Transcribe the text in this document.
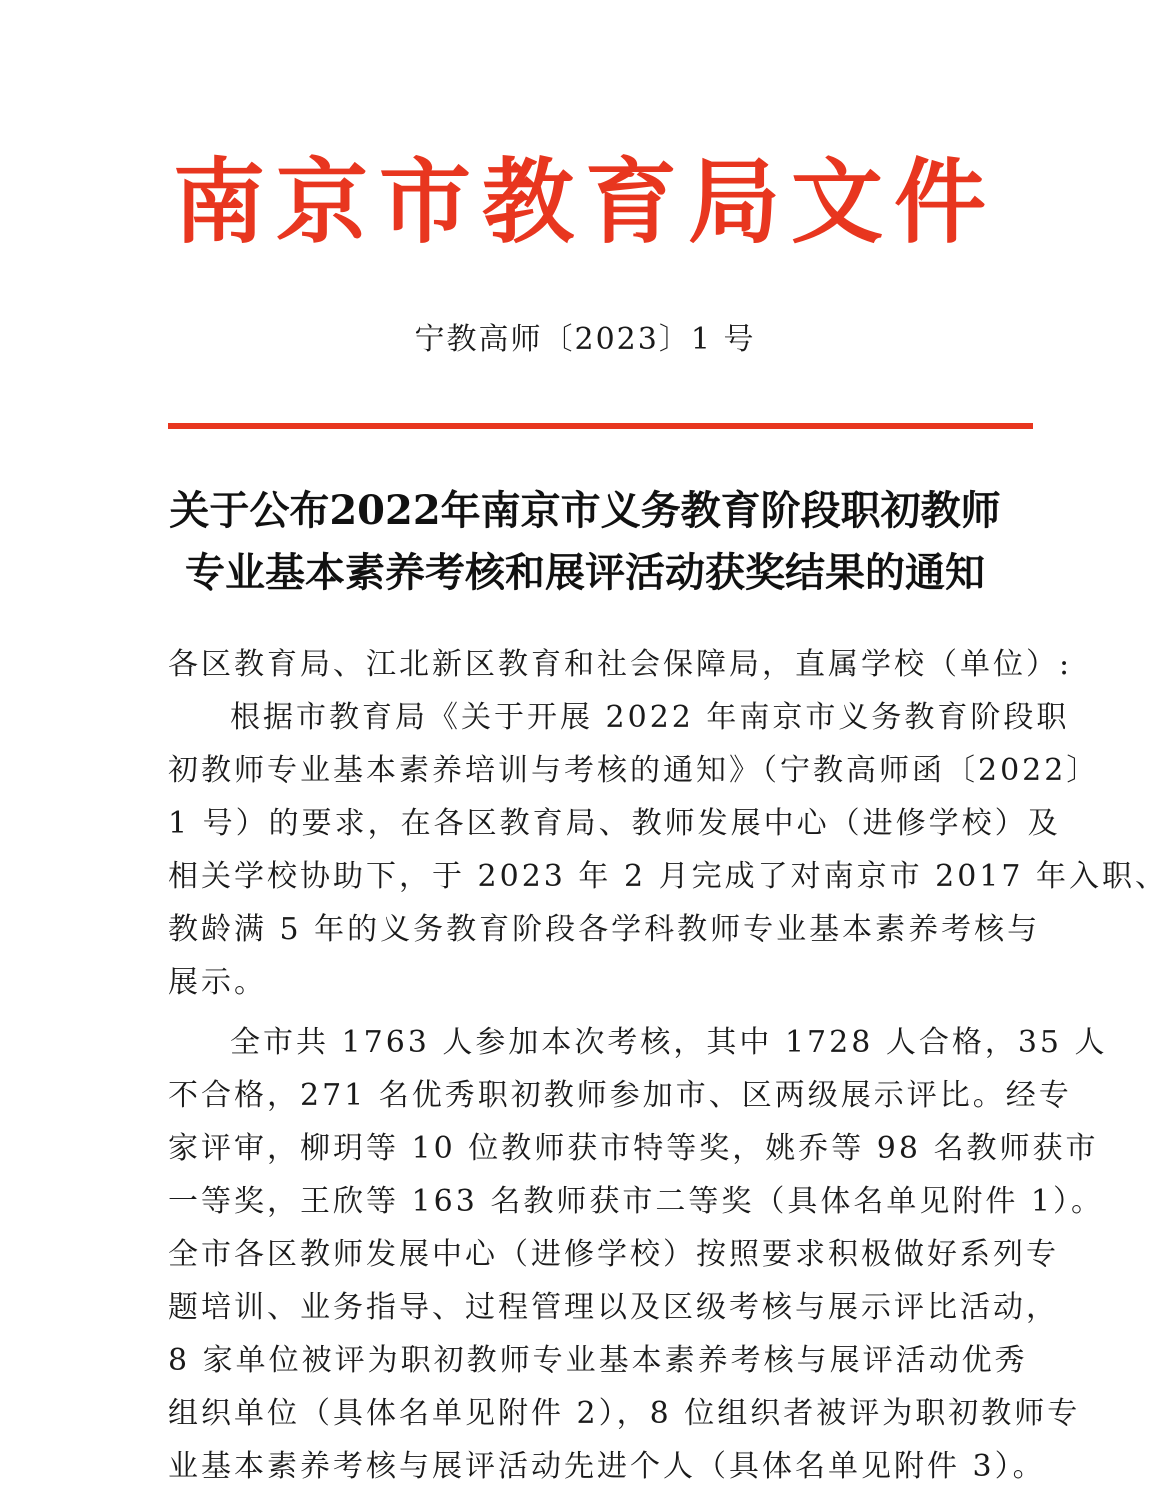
南京市教育局文件
宁教高师〔2023〕1 号
关于公布2022年南京市义务教育阶段职初教师
专业基本素养考核和展评活动获奖结果的通知
各区教育局、江北新区教育和社会保障局，直属学校（单位）:
根据市教育局《关于开展 2022 年南京市义务教育阶段职
初教师专业基本素养培训与考核的通知》（宁教高师函〔2022〕
1 号）的要求，在各区教育局、教师发展中心（进修学校）及
相关学校协助下，于 2023 年 2 月完成了对南京市 2017 年入职、
教龄满 5 年的义务教育阶段各学科教师专业基本素养考核与
展示。
全市共 1763 人参加本次考核，其中 1728 人合格，35 人
不合格，271 名优秀职初教师参加市、区两级展示评比。经专
家评审，柳玥等 10 位教师获市特等奖，姚乔等 98 名教师获市
一等奖，王欣等 163 名教师获市二等奖（具体名单见附件 1）。
全市各区教师发展中心（进修学校）按照要求积极做好系列专
题培训、业务指导、过程管理以及区级考核与展示评比活动，
8 家单位被评为职初教师专业基本素养考核与展评活动优秀
组织单位（具体名单见附件 2），8 位组织者被评为职初教师专
业基本素养考核与展评活动先进个人（具体名单见附件 3）。
